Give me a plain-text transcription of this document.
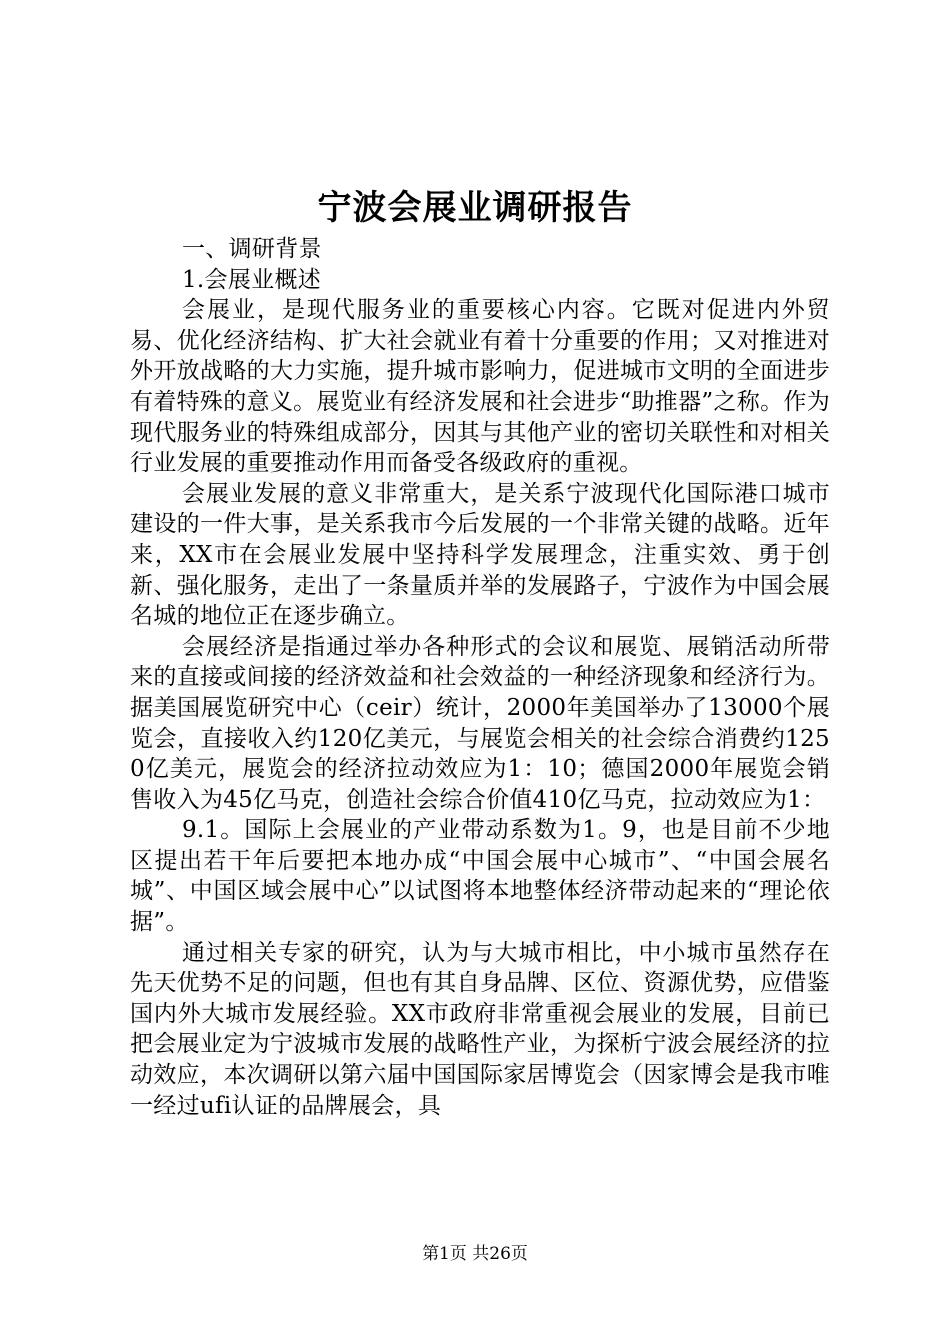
宁波会展业调研报告

一、调研背景

1.会展业概述

会展业，是现代服务业的重要核心内容。它既对促进内外贸易、优化经济结构、扩大社会就业有着十分重要的作用；又对推进对外开放战略的大力实施，提升城市影响力，促进城市文明的全面进步有着特殊的意义。展览业有经济发展和社会进步“助推器”之称。作为现代服务业的特殊组成部分，因其与其他产业的密切关联性和对相关行业发展的重要推动作用而备受各级政府的重视。

会展业发展的意义非常重大，是关系宁波现代化国际港口城市建设的一件大事，是关系我市今后发展的一个非常关键的战略。近年来，XX市在会展业发展中坚持科学发展理念，注重实效、勇于创新、强化服务，走出了一条量质并举的发展路子，宁波作为中国会展名城的地位正在逐步确立。

会展经济是指通过举办各种形式的会议和展览、展销活动所带来的直接或间接的经济效益和社会效益的一种经济现象和经济行为。据美国展览研究中心（ceir）统计，2000年美国举办了13000个展览会，直接收入约120亿美元，与展览会相关的社会综合消费约1250亿美元，展览会的经济拉动效应为1：10；德国2000年展览会销售收入为45亿马克，创造社会综合价值410亿马克，拉动效应为1：

9.1。国际上会展业的产业带动系数为1。9，也是目前不少地区提出若干年后要把本地办成“中国会展中心城市”、“中国会展名城”、中国区域会展中心”以试图将本地整体经济带动起来的“理论依据”。

通过相关专家的研究，认为与大城市相比，中小城市虽然存在先天优势不足的问题，但也有其自身品牌、区位、资源优势，应借鉴国内外大城市发展经验。XX市政府非常重视会展业的发展，目前已把会展业定为宁波城市发展的战略性产业，为探析宁波会展经济的拉动效应，本次调研以第六届中国国际家居博览会（因家博会是我市唯一经过ufi认证的品牌展会，具

第1页 共26页
